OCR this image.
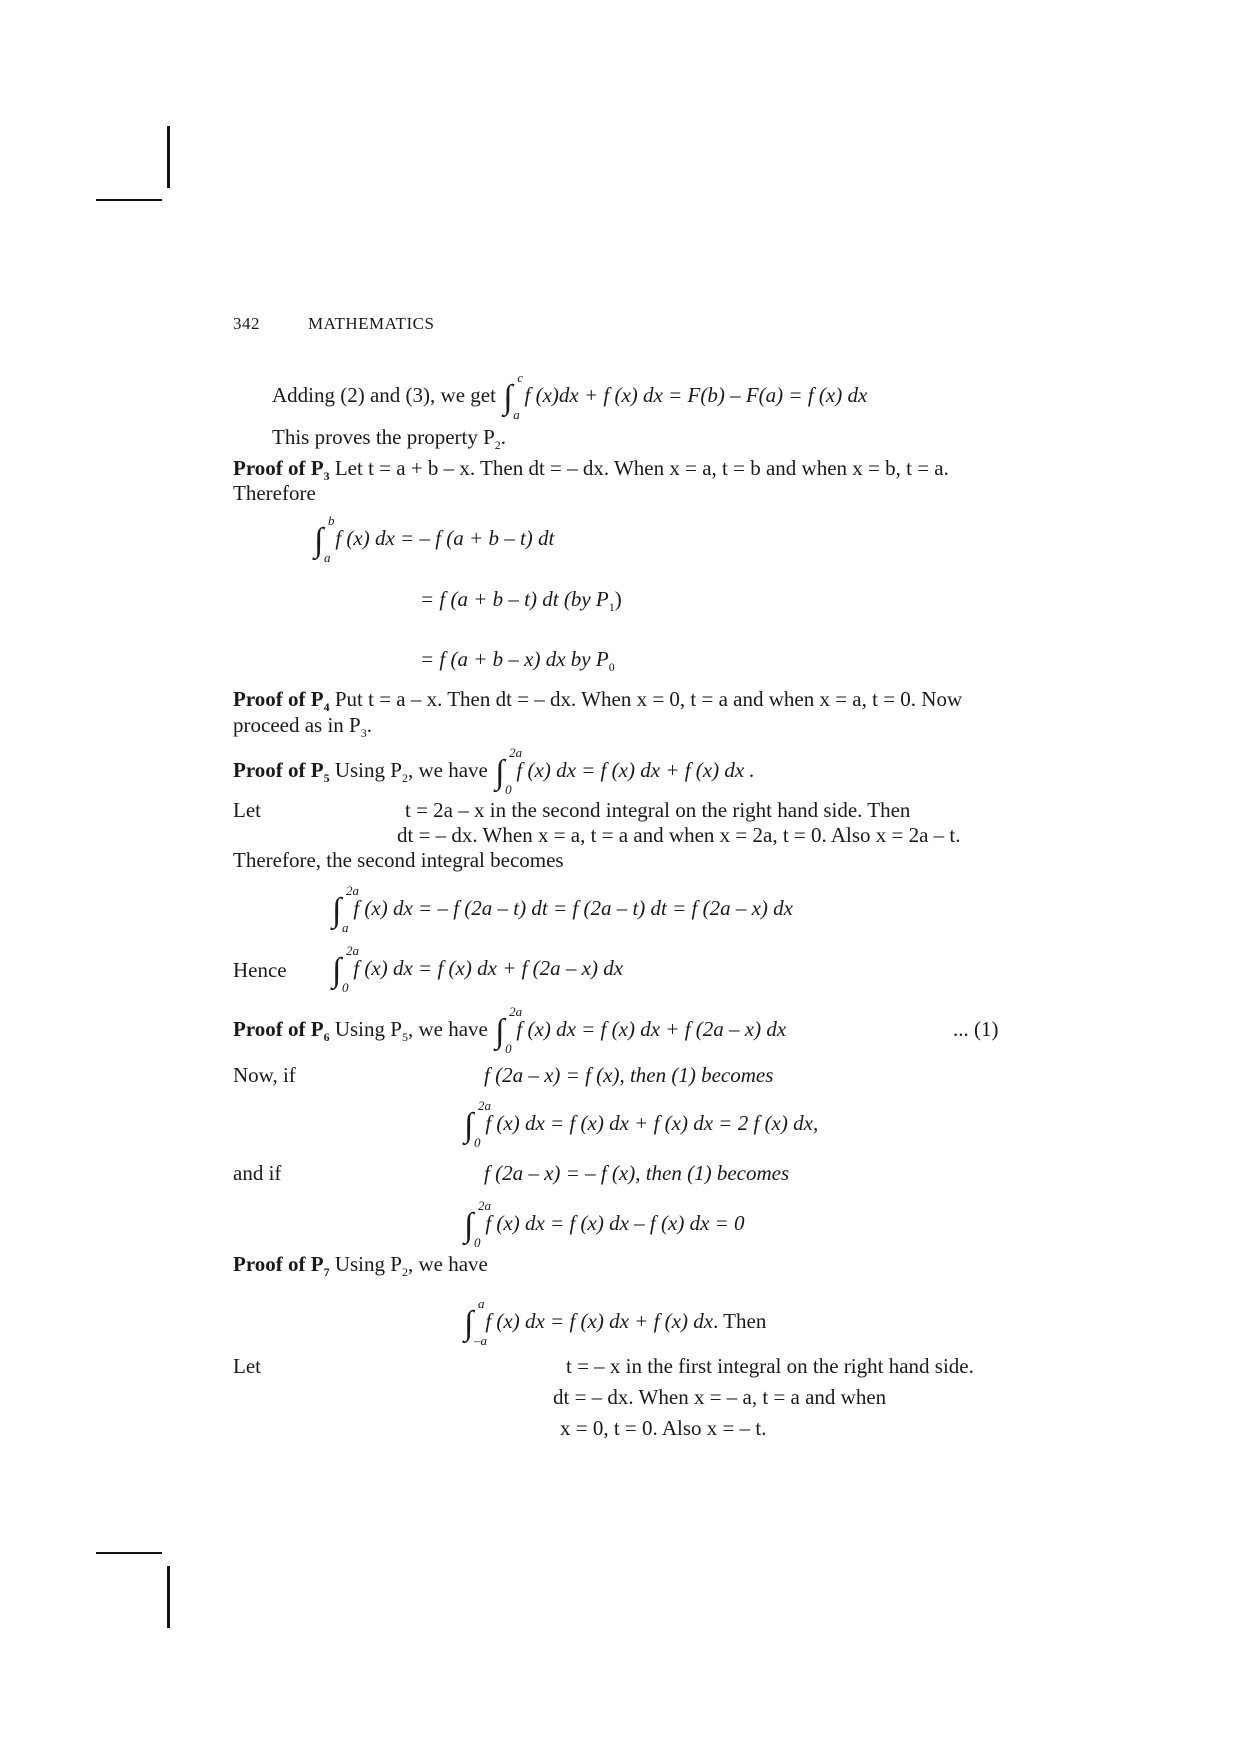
342	MATHEMATICS
Adding (2) and (3), we get ∫
c
a
f (x)dx + f (x) dx = F(b) – F(a) = f (x) dx
This proves the property $P_2$.
Proof of $P_3$ Let t = a + b – x. Then dt = – dx. When x = a, t = b and when x = b, t = a.
Therefore
∫
b
a
f (x) dx = – f (a + b – t) dt
= f (a + b – t) dt (by $P_1$)
= f (a + b – x) dx by $P_0$
Proof of $P_4$ Put t = a – x. Then dt = – dx. When x = 0, t = a and when x = a, t = 0. Now
proceed as in $P_3$.
Proof of $P_5$ Using $P_2$, we have ∫
2a
0
f (x) dx = f (x) dx + f (x) dx .
Let	t = 2a – x in the second integral on the right hand side. Then
dt = – dx. When x = a, t = a and when x = 2a, t = 0. Also x = 2a – t.
Therefore, the second integral becomes
∫
2a
a
f (x) dx = – f (2a – t) dt = f (2a – t) dt = f (2a – x) dx
Hence ∫
2a
0
f (x) dx = f (x) dx + f (2a – x) dx
Proof of $P_6$ Using $P_5$, we have ∫
2a
0
f (x) dx = f (x) dx + f (2a – x) dx	... (1)
Now, if	f (2a – x) = f (x), then (1) becomes
∫
2a
0
f (x) dx = f (x) dx + f (x) dx = 2 f (x) dx,
and if	f (2a – x) = – f (x), then (1) becomes
∫
2a
0
f (x) dx = f (x) dx – f (x) dx = 0
Proof of $P_7$ Using $P_2$, we have
∫
a
–a
f (x) dx = f (x) dx + f (x) dx. Then
Let	t = – x in the first integral on the right hand side.
dt = – dx. When x = – a, t = a and when
x = 0, t = 0. Also x = – t.
